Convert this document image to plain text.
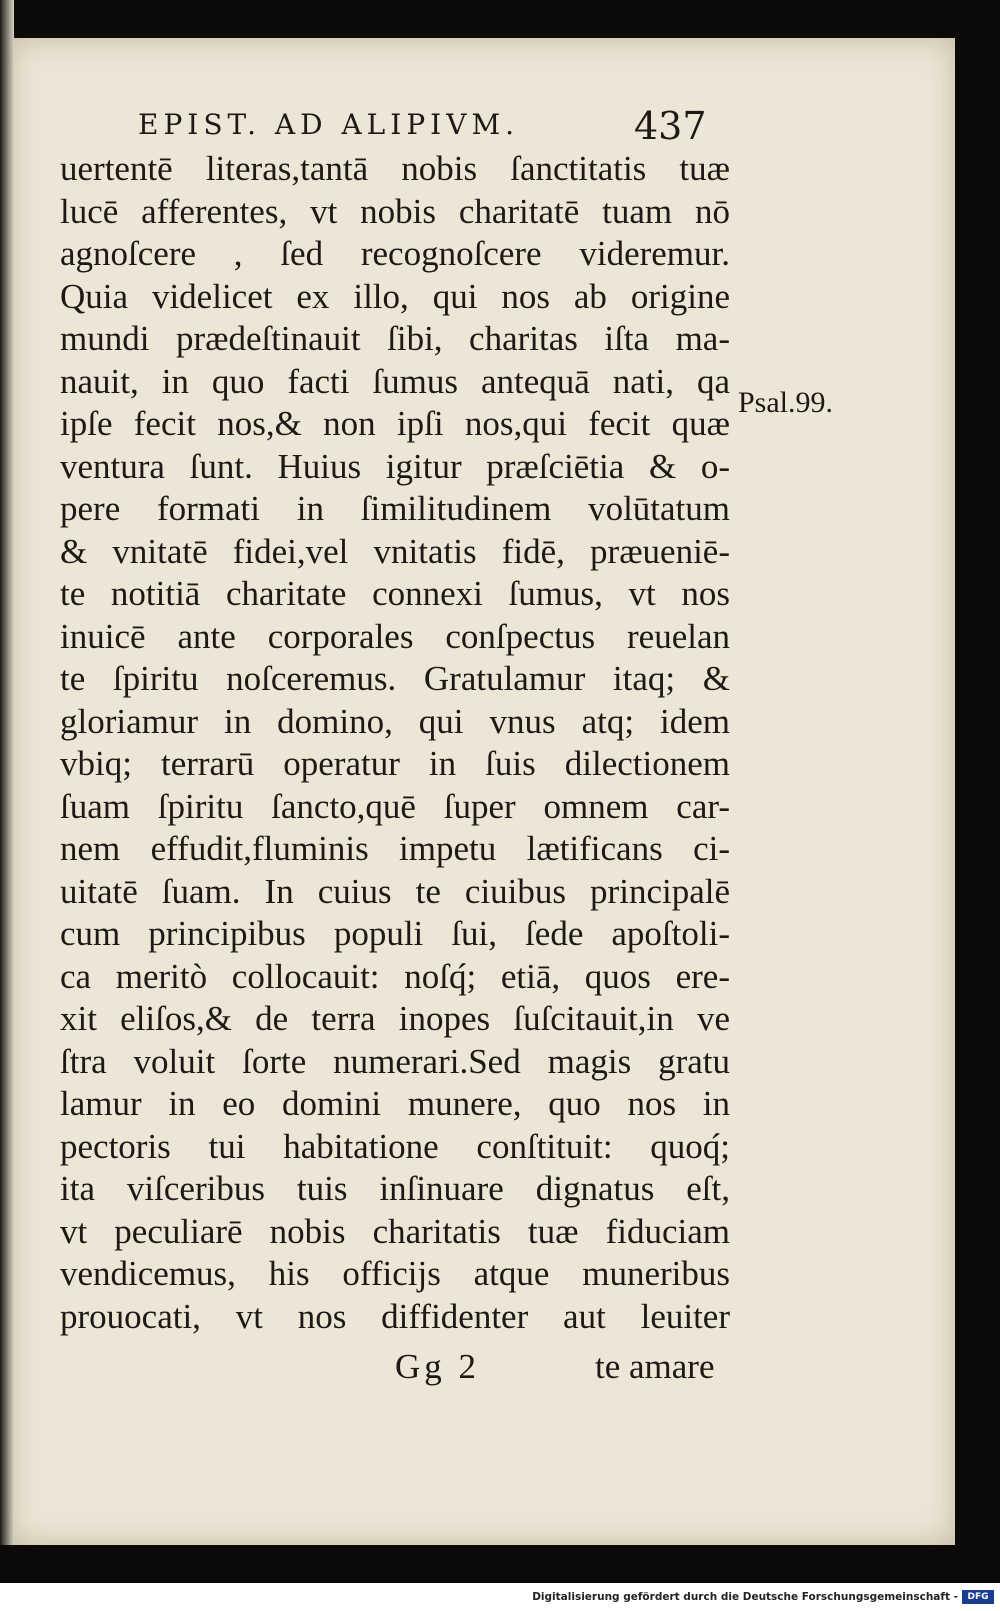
EPIST. AD ALIPIVM.	437
uertentē literas,tantā nobis ſanctitatis tuæ
lucē afferentes, vt nobis charitatē tuam nō
agnoſcere , ſed recognoſcere videremur.
Quia videlicet ex illo, qui nos ab origine
mundi prædeſtinauit ſibi, charitas iſta ma-
nauit, in quo facti ſumus antequā nati, qa
ipſe fecit nos,& non ipſi nos,qui fecit quæ
ventura ſunt. Huius igitur præſciētia & o-
pere formati in ſimilitudinem volūtatum
& vnitatē fidei,vel vnitatis fidē, præueniē-
te notitiā charitate connexi ſumus, vt nos
inuicē ante corporales conſpectus reuelan
te ſpiritu noſceremus. Gratulamur itaq; &
gloriamur in domino, qui vnus atq; idem
vbiq; terrarū operatur in ſuis dilectionem
ſuam ſpiritu ſancto,quē ſuper omnem car-
nem effudit,fluminis impetu lætificans ci-
uitatē ſuam. In cuius te ciuibus principalē
cum principibus populi ſui, ſede apoſtoli-
ca meritò collocauit: noſq́; etiā, quos ere-
xit eliſos,& de terra inopes ſuſcitauit,in ve
ſtra voluit ſorte numerari.Sed magis gratu
lamur in eo domini munere, quo nos in
pectoris tui habitatione conſtituit: quoq́;
ita viſceribus tuis inſinuare dignatus eſt,
vt peculiarē nobis charitatis tuæ fiduciam
vendicemus, his officijs atque muneribus
prouocati, vt nos diffidenter aut leuiter
Psal.99.
Gg 2	te amare
Digitalisierung gefördert durch die Deutsche Forschungsgemeinschaft -	DFG
